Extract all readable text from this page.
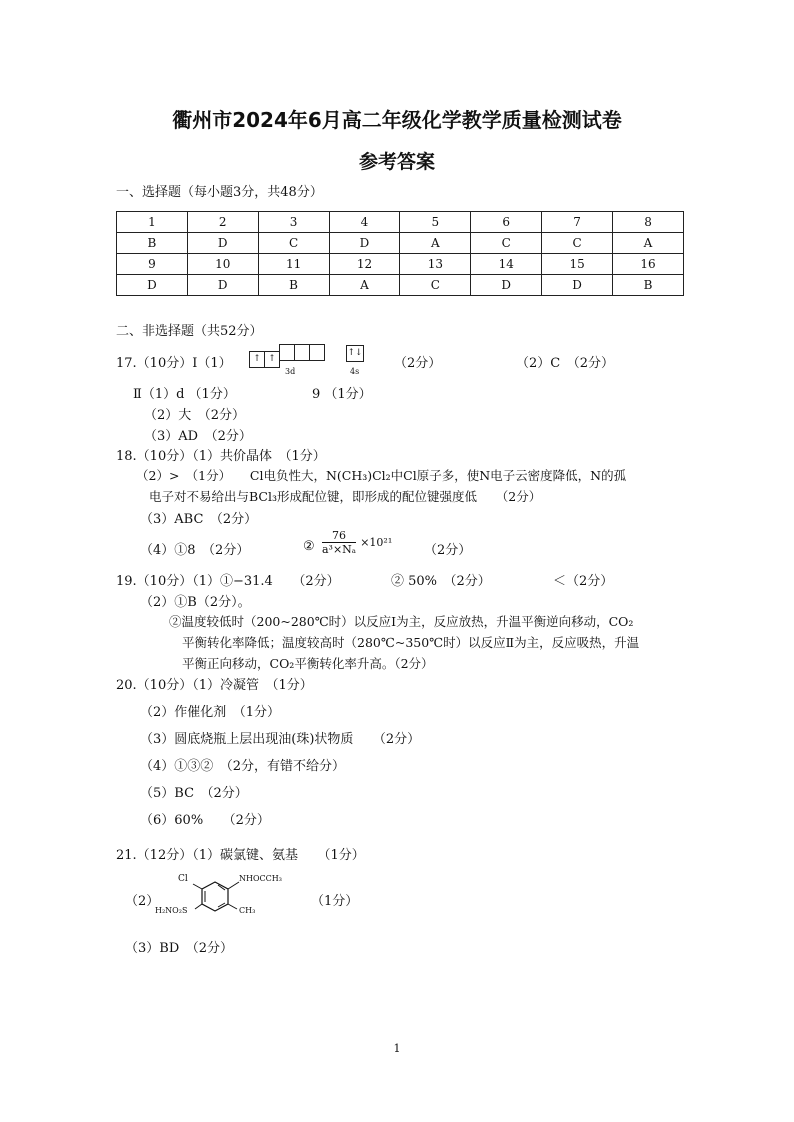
衢州市2024年6月高二年级化学教学质量检测试卷
参考答案
一、选择题（每小题3分，共48分）
1	2	3	4	5	6	7	8
B	D	C	D	A	C	C	A
9	10	11	12	13	14	15	16
D	D	B	A	C	D	D	B
二、非选择题（共52分）
17.（10分）Ⅰ（1）	↑ ↑
3d
↑↓
4s
（2分）	（2）C　（2分）
Ⅱ（1）d （1分）	9 （1分）
（2）大　（2分）
（3）AD　（2分）
18.（10分）（1）共价晶体　（1分）
（2）>　（1分）　　Cl电负性大，N(CH₃)Cl₂中Cl原子多，使N电子云密度降低，N的孤
电子对不易给出与BCl₃形成配位键，即形成的配位键强度低　　（2分）
（3）ABC　（2分）
（4）①8　（2分）	② $\frac{76}{\text{a³×Nₐ}} \times 10^{21}$
（2分）
19.（10分）（1）①−31.4　　（2分）	② 50%　（2分）	＜（2分）
（2）①B（2分）。
②温度较低时（200~280℃时）以反应Ⅰ为主，反应放热，升温平衡逆向移动，CO₂
平衡转化率降低；温度较高时（280℃~350℃时）以反应Ⅱ为主，反应吸热，升温
平衡正向移动，CO₂平衡转化率升高。（2分）
20.（10分）（1）冷凝管　（1分）
（2）作催化剂　（1分）
（3）圆底烧瓶上层出现油(珠)状物质　　（2分）
（4）①③②　（2分，有错不给分）
（5）BC　（2分）
（6）60%　　（2分）
21.（12分）（1）碳氯键、氨基　　（1分）
（2）
Cl	NHOCCH₃
H₂NO₂S	CH₃
（1分）
（3）BD　（2分）
1
